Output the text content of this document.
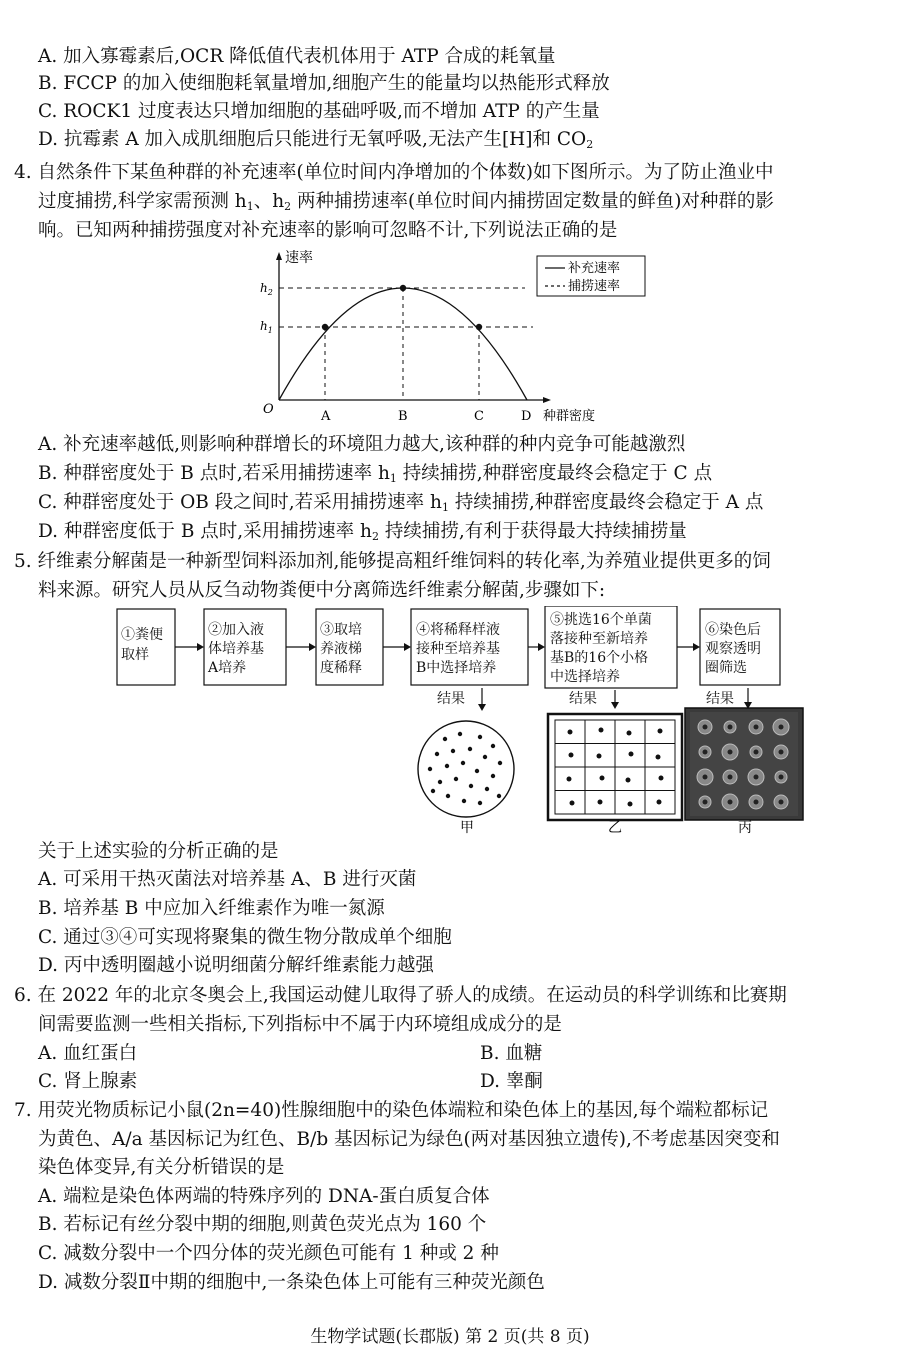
A. 加入寡霉素后,OCR 降低值代表机体用于 ATP 合成的耗氧量
B. FCCP 的加入使细胞耗氧量增加,细胞产生的能量均以热能形式释放
C. ROCK1 过度表达只增加细胞的基础呼吸,而不增加 ATP 的产生量
D. 抗霉素 A 加入成肌细胞后只能进行无氧呼吸,无法产生[H]和 $CO_2$
4. 自然条件下某鱼种群的补充速率(单位时间内净增加的个体数)如下图所示。为了防止渔业中
过度捕捞,科学家需预测 $h_1$、$h_2$ 两种捕捞速率(单位时间内捕捞固定数量的鲜鱼)对种群的影
响。已知两种捕捞强度对补充速率的影响可忽略不计,下列说法正确的是
速率
$h_2$
$h_1$
O	A	B	C	D 种群密度
补充速率
捕捞速率
A. 补充速率越低,则影响种群增长的环境阻力越大,该种群的种内竞争可能越激烈
B. 种群密度处于 B 点时,若采用捕捞速率 $h_1$ 持续捕捞,种群密度最终会稳定于 C 点
C. 种群密度处于 OB 段之间时,若采用捕捞速率 $h_1$ 持续捕捞,种群密度最终会稳定于 A 点
D. 种群密度低于 B 点时,采用捕捞速率 $h_2$ 持续捕捞,有利于获得最大持续捕捞量
5. 纤维素分解菌是一种新型饲料添加剂,能够提高粗纤维饲料的转化率,为养殖业提供更多的饲
料来源。研究人员从反刍动物粪便中分离筛选纤维素分解菌,步骤如下:
①粪便
取样
②加入液
体培养基
A培养
③取培
养液梯
度稀释
④将稀释样液
接种至培养基
B中选择培养
⑤挑选16个单菌
落接种至新培养
基B的16个小格
中选择培养
⑥染色后
观察透明
圈筛选
结果	结果	结果
甲	乙	丙
关于上述实验的分析正确的是
A. 可采用干热灭菌法对培养基 A、B 进行灭菌
B. 培养基 B 中应加入纤维素作为唯一氮源
C. 通过③④可实现将聚集的微生物分散成单个细胞
D. 丙中透明圈越小说明细菌分解纤维素能力越强
6. 在 2022 年的北京冬奥会上,我国运动健儿取得了骄人的成绩。在运动员的科学训练和比赛期
间需要监测一些相关指标,下列指标中不属于内环境组成成分的是
A. 血红蛋白	B. 血糖
C. 肾上腺素	D. 睾酮
7. 用荧光物质标记小鼠(2n=40)性腺细胞中的染色体端粒和染色体上的基因,每个端粒都标记
为黄色、A/a 基因标记为红色、B/b 基因标记为绿色(两对基因独立遗传),不考虑基因突变和
染色体变异,有关分析错误的是
A. 端粒是染色体两端的特殊序列的 DNA-蛋白质复合体
B. 若标记有丝分裂中期的细胞,则黄色荧光点为 160 个
C. 减数分裂中一个四分体的荧光颜色可能有 1 种或 2 种
D. 减数分裂Ⅱ中期的细胞中,一条染色体上可能有三种荧光颜色
生物学试题(长郡版) 第 2 页(共 8 页)
